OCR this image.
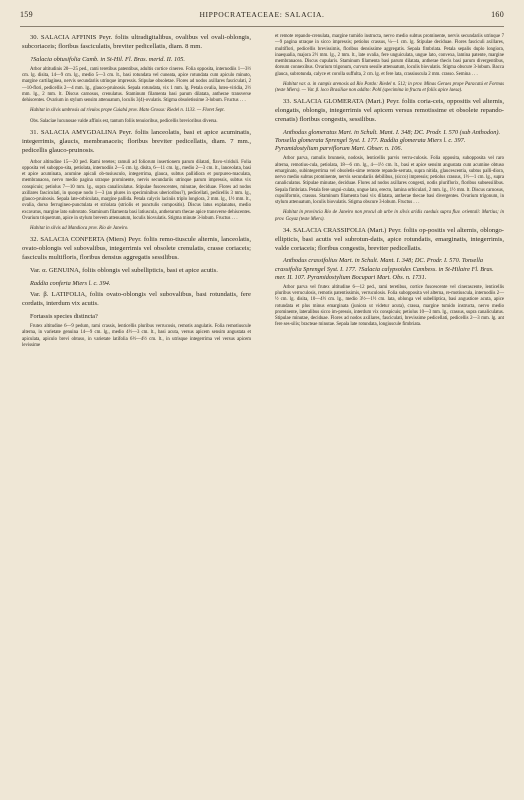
159	HIPPOCRATEACEAE: SALACIA.	160

30. SALACIA AFFINIS Peyr. foliis ultradigitalibus, ovalibus vel ovali-oblongis, subcoriaceis; floribus fasciculatis, breviter pedicellatis, diam. 8 mm.

?Salacia obtusifolia Camb. in St-Hil. Fl. Bras. merid. II. 105.

Arbor altitudinis 20—25 ped., rami teretibus patentibus, adultis cortice cinereo. Folia opposita, internodiis 1—3½ cm. lg. disita, 14—9 cm. lg., medio 5—3 cm. lt., basi rotundata vel cuneata, apice rotundata cum apiculo minuto, margine cartilaginea, nervis secundariis utrinque impressis. Stipulae obsoletae. Flores ad nodos axillares fasciculati, 2—10-flori, pedicellis 2—4 mm. lg., glauco-pruinosis. Sepala rotundata, vix 1 mm. lg. Petala ovalia, luteo-viridia, 2½ mm. lg., 2 mm. lt. Discus carnosus, crenulatus. Staminum filamenta basi parum dilatata, antherae transverse dehiscentes. Ovarium in stylum sensim attenuatum, loculis 3(4)-ovulatis. Stigma obsoletissime 3-lobum. Fructus . . .

Habitat in silvis umbrosis ad rivulos prope Cuiabá prov. Mato Grosso: Riedel n. 1133. — Floret Sept.

Obs. Salaciae lucunosae valde affinis est, tantum foliis tenuioribus, pedicellis brevioribus diversa.

31. SALACIA AMYGDALINA Peyr. foliis lanceolatis, basi et apice acuminatis, integerrimis, glaucis, membranaceis; floribus breviter pedicellatis, diam. 7 mm., pedicellis glauco-pruinosis.

Arbor altitudine 15—20 ped. Rami teretes; ramuli ad foliorum insertionem parum dilatati, flavo-viriduli. Folia opposita vel suboppo-sita, petiolata, internodiis 2—5 cm. lg. disita, 6—11 cm. lg., medio 2—3 cm. lt., lanceolata, basi et apice acuminata, acumine apicali ob-tusiusculo, integerrima, glauca, subtus pallidiora et purpureo-maculata, membranacea, nervo medio pagina utraque prominente, nervis secundariis utrinque parum impressis, subtus vix conspicuis; petiolus 7—10 mm. lg., supra canaliculatus. Stipulae fuscescentes, minutae, deciduae. Flores ad nodos axillares fasciculati, in quoque nodo 1—3 (an plures in speciminibus uberioribus?), pedicellati, pedicellis 3 mm. lg., glauco-pruinosis. Sepala late-orbiculata, margine pallida. Petala calycis laciniis triplo longiora, 2 mm. lg., 1½ mm. lt., ovalia, dorso ferrugineo-punctulata et striolata (striolis et punctulis compositis). Discus latus explanatus, medio excavatus, margine lato subrotato. Staminum filamenta basi latiuscula, antherarum thecae apice transverse dehiscentes. Ovarium triquetrum, apice in stylum brevem attenuatum, loculis biovulatis. Stigma minute 3-lobum. Fructus . . .

Habitat in silvis ad Mandioca prov. Rio de Janeiro.

32. SALACIA CONFERTA (Miers) Peyr. foliis remo-tiuscule alternis, lanceolatis, ovato-oblongis vel subovalibus, integerrimis vel obsolete crenulatis, crasse coriaceis; fasciculis multifloris, floribus densius aggregatis sessilibus.

Var. α. GENUINA, foliis oblongis vel subellipticis, basi et apice acutis.

Raddia conferta Miers l. c. 394.

Var. β. LATIFOLIA, foliis ovato-oblongis vel subovalibus, basi rotundatis, fere cordatis, interdum vix acutis.

Fortassis species distincta?

Frutex altitudine 6—9 pedum, rami crassis, lenticellis pluribus verrucosis, remotis angulatis. Folia remotiuscule alterna, in varietate genuina 14—9 cm. lg., medio 4½—3 cm. lt., basi acuta, versus apicem sensim angustata et apiculata, apiculo brevi obtuso, in varietate latifolia 6½—4½ cm. lt., in utrisque integerrima vel versus apicem levissime

et remote repando-crenulata, margine tumido instructa, nervo medio subtus prominente, nervis secundariis utrinque 7—9 pagina utraque in sicco impressis; petiolus crassus, ¼—1 cm. lg. Stipulae deciduae. Flores fasciculi axillares, multiflori, pedicellis brevissimis, floribus densissime aggregatis. Sepala fimbriata. Petala sepalis duplo longiora, inaequalia, majora 2½ mm. lg., 2 mm. lt., late ovalia, fere unguiculata, ungue lato, convexa, lamina patente, margine membranacea. Discus cupularis. Staminum filamenta basi parum dilatata, antherae thecis basi parum divergentibus, dorsum connexibus. Ovarium trigonum, curvum sessile attenuatum, loculis biovulatis. Stigma obscure 3-lobum. Bacca glauca, subrotunda, calyce et corolla suffulta, 2 cm. lg. et fere lata, crassiuscula 2 mm. crasso. Semina . . .

Habitat var. α. in campis arenosis ad Rio Pardo: Riedel n. 512; in prov. Minas Geraes prope Paracatú et Formas (teste Miers). — Var. β. loco Brasiliae non addito: Pohl (specimina in fructu et foliis apice laesa).

33. SALACIA GLOMERATA (Mart.) Peyr. foliis coria-ceis, oppositis vel alternis, elongatis, oblongis, integerrimis vel apicem versus remotissime et obsolete repando-crenatis) floribus congestis, sessilibus.

Anthodus glomeratus Mart. in Schult. Mant. I. 348; DC. Prodr. I. 570 (sub Anthodon). Tonsella glomerata Sprengel Syst. I. 177. Raddia glomerata Miers l. c. 397. Pyramidostylium parviflorum Mart. Obser. n. 106.

Arbor parva, ramulis brunneis, nodosis, lenticellis parvis verru-culosis. Folia opposita, subopposita vel raro alterna, remotius-cula, petiolata, 18—6 cm. lg., 4—1½ cm. lt., basi et apice sensim angustata cum acumine obtuso emarginato, subintegerrima vel obsoletis-sime remote repando-serrata, supra nitida, glaucescentia, subtus palli-diora, nervo medio subtus prominente, nervis secundariis debilibus, (sicco) impressis; petiolus crassus, 1½—1 cm. lg., supra canaliculatus. Stipulae minutae, deciduae. Flores ad nodos axillares congesti, nodis pluriflorix, floribus subsessilibus. Sepala fimbriata. Petala fere ungui-culata, ungue lato, erecto, lamina orbiculari, 2 mm. lg., 1½ mm. lt. Discus carnosus, cupuliformis, crassus. Staminum filamenta basi vix dilatata, antherae thecae basi divergentes. Ovarium trigonum, in stylum attenuatum, loculis biovulatis. Stigma obscure 3-lobum. Fructus . . .

Habitat in provincia Rio de Janeiro non procul ab urbe in silvis aridis caeduis supra fluv. orientali: Martius; in prov. Goyaz (teste Miers).

34. SALACIA CRASSIFOLIA (Mart.) Peyr. foliis op-positis vel alternis, oblongo-ellipticis, basi acutis vel subrotun-datis, apice rotundatis, emarginatis, integerrimis, valde coriaceis; floribus congestis, breviter pedicellatis.

Anthodus crassifolius Mart. in Schult. Mant. I. 348; DC. Prodr. I. 570. Tonsella crassifolia Sprengel Syst. I. 177. ?Salacia calypsoides Cambess. in St-Hilaire Fl. Bras. mer. II. 107. Pyramidostylium Bocupari Mart. Obs. n. 1731.

Arbor parva vel frutex altitudine 6—12 ped., rami teretibus, cortice fuscescente vel cinerascente, lenticellis pluribus verruculosis, remotis patentissimis, verruculosis. Folia subopposita vel alterna, re-motiuscula, internodiis 2—½ cm. lg. disita, 10—4½ cm. lg., medio 3½—1½ cm. lata, oblonga vel subelliptica, basi angustiore acuta, apice rotundata et plus minus emarginata (juniora ut videtur acuta), crassa, margine tumido instructa, nervo medio prominente, lateralibus sicco im-pressis, interdum vix conspicuis; petiolus 10—3 mm. lg., crassus, supra canaliculatus. Stipulae minutae, deciduae. Flores ad nodos axillares, fasciculati, brevissime pedicellati, pedicellis 2—3 mm. lg. ant fere ses-silis; bracteae minutae. Sepala late rotundata, longiuscule fimbriata.
